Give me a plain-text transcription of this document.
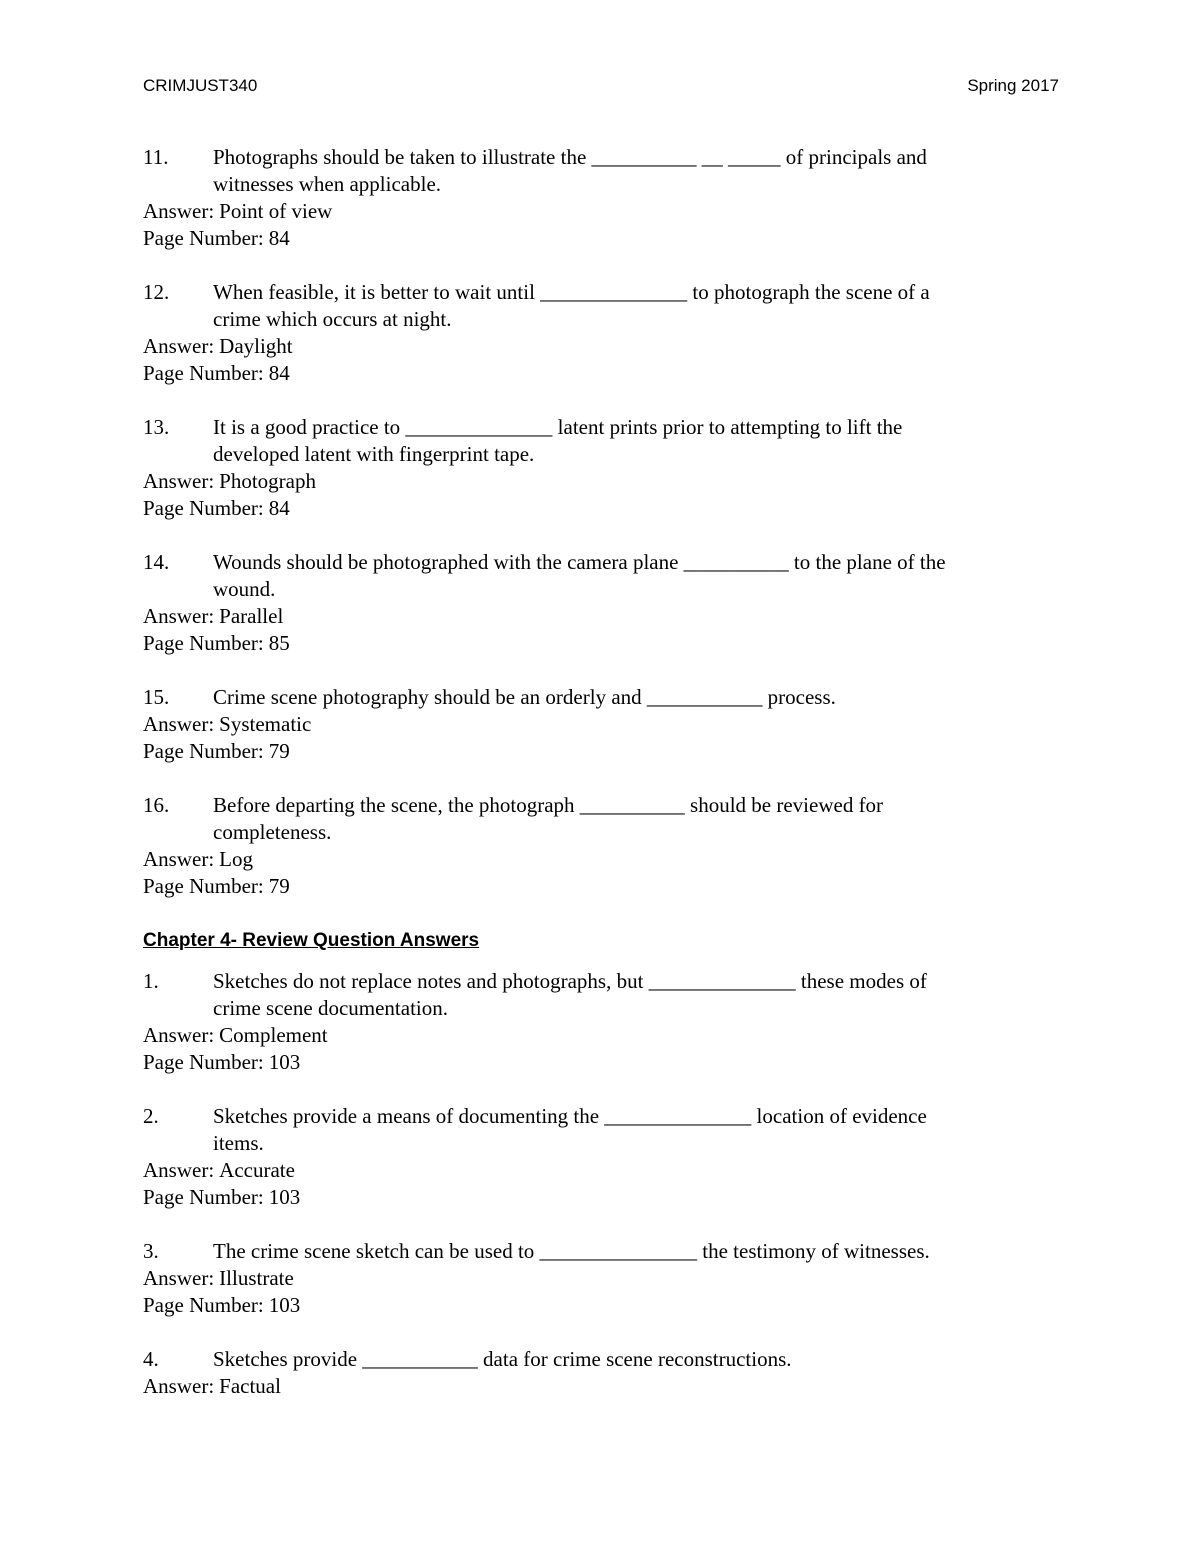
CRIMJUST340	Spring 2017
11.	Photographs should be taken to illustrate the __________ __ _____ of principals and
witnesses when applicable.
Answer: Point of view
Page Number: 84
12.	When feasible, it is better to wait until ______________ to photograph the scene of a
crime which occurs at night.
Answer: Daylight
Page Number: 84
13.	It is a good practice to ______________ latent prints prior to attempting to lift the
developed latent with fingerprint tape.
Answer: Photograph
Page Number: 84
14.	Wounds should be photographed with the camera plane __________ to the plane of the
wound.
Answer: Parallel
Page Number: 85
15.	Crime scene photography should be an orderly and ___________ process.
Answer: Systematic
Page Number: 79
16.	Before departing the scene, the photograph __________ should be reviewed for
completeness.
Answer: Log
Page Number: 79
Chapter 4- Review Question Answers
1.	Sketches do not replace notes and photographs, but ______________ these modes of
crime scene documentation.
Answer: Complement
Page Number: 103
2.	Sketches provide a means of documenting the ______________ location of evidence
items.
Answer: Accurate
Page Number: 103
3.	The crime scene sketch can be used to _______________ the testimony of witnesses.
Answer: Illustrate
Page Number: 103
4.	Sketches provide ___________ data for crime scene reconstructions.
Answer: Factual
